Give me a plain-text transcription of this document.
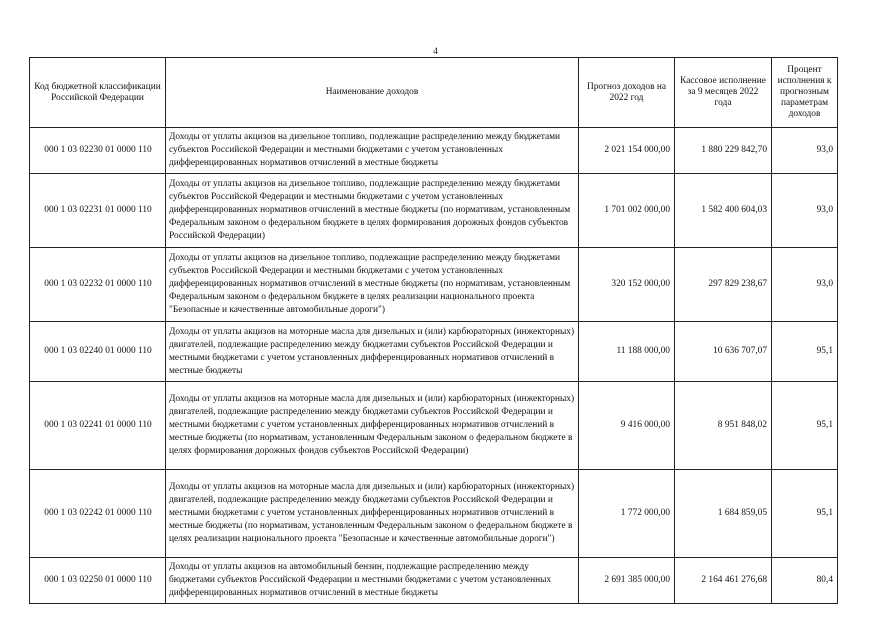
4
Код бюджетной классификации Российской Федерации	Наименование доходов	Прогноз доходов на 2022 год	Кассовое исполнение за 9 месяцев 2022 года	Процент исполнения к прогнозным параметрам доходов
000 1 03 02230 01 0000 110	Доходы от уплаты акцизов на дизельное топливо, подлежащие распределению между бюджетами субъектов Российской Федерации и местными бюджетами с учетом установленных дифференцированных нормативов отчислений в местные бюджеты	2 021 154 000,00	1 880 229 842,70	93,0
000 1 03 02231 01 0000 110	Доходы от уплаты акцизов на дизельное топливо, подлежащие распределению между бюджетами субъектов Российской Федерации и местными бюджетами с учетом установленных дифференцированных нормативов отчислений в местные бюджеты (по нормативам, установленным Федеральным законом о федеральном бюджете в целях формирования дорожных фондов субъектов Российской Федерации)	1 701 002 000,00	1 582 400 604,03	93,0
000 1 03 02232 01 0000 110	Доходы от уплаты акцизов на дизельное топливо, подлежащие распределению между бюджетами субъектов Российской Федерации и местными бюджетами с учетом установленных дифференцированных нормативов отчислений в местные бюджеты (по нормативам, установленным Федеральным законом о федеральном бюджете в целях реализации национального проекта "Безопасные и качественные автомобильные дороги")	320 152 000,00	297 829 238,67	93,0
000 1 03 02240 01 0000 110	Доходы от уплаты акцизов на моторные масла для дизельных и (или) карбюраторных (инжекторных) двигателей, подлежащие распределению между бюджетами субъектов Российской Федерации и местными бюджетами с учетом установленных дифференцированных нормативов отчислений в местные бюджеты	11 188 000,00	10 636 707,07	95,1
000 1 03 02241 01 0000 110	Доходы от уплаты акцизов на моторные масла для дизельных и (или) карбюраторных (инжекторных) двигателей, подлежащие распределению между бюджетами субъектов Российской Федерации и местными бюджетами с учетом установленных дифференцированных нормативов отчислений в местные бюджеты (по нормативам, установленным Федеральным законом о федеральном бюджете в целях формирования дорожных фондов субъектов Российской Федерации)	9 416 000,00	8 951 848,02	95,1
000 1 03 02242 01 0000 110	Доходы от уплаты акцизов на моторные масла для дизельных и (или) карбюраторных (инжекторных) двигателей, подлежащие распределению между бюджетами субъектов Российской Федерации и местными бюджетами с учетом установленных дифференцированных нормативов отчислений в местные бюджеты (по нормативам, установленным Федеральным законом о федеральном бюджете в целях реализации национального проекта "Безопасные и качественные автомобильные дороги")	1 772 000,00	1 684 859,05	95,1
000 1 03 02250 01 0000 110	Доходы от уплаты акцизов на автомобильный бензин, подлежащие распределению между бюджетами субъектов Российской Федерации и местными бюджетами с учетом установленных дифференцированных нормативов отчислений в местные бюджеты	2 691 385 000,00	2 164 461 276,68	80,4
